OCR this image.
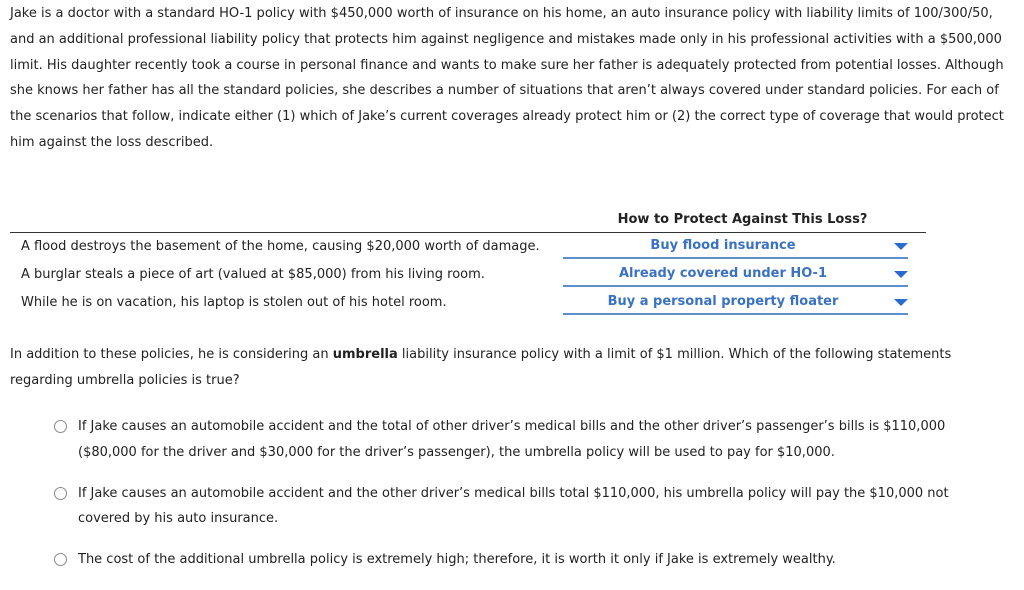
Jake is a doctor with a standard HO-1 policy with $450,000 worth of insurance on his home, an auto insurance policy with liability limits of 100/300/50, and an additional professional liability policy that protects him against negligence and mistakes made only in his professional activities with a $500,000 limit. His daughter recently took a course in personal finance and wants to make sure her father is adequately protected from potential losses. Although she knows her father has all the standard policies, she describes a number of situations that aren’t always covered under standard policies. For each of the scenarios that follow, indicate either (1) which of Jake’s current coverages already protect him or (2) the correct type of coverage that would protect him against the loss described.
How to Protect Against This Loss?
A flood destroys the basement of the home, causing $20,000 worth of damage.	Buy flood insurance
A burglar steals a piece of art (valued at $85,000) from his living room.	Already covered under HO-1
While he is on vacation, his laptop is stolen out of his hotel room.	Buy a personal property floater
In addition to these policies, he is considering an umbrella liability insurance policy with a limit of $1 million. Which of the following statements regarding umbrella policies is true?
If Jake causes an automobile accident and the total of other driver’s medical bills and the other driver’s passenger’s bills is $110,000 ($80,000 for the driver and $30,000 for the driver’s passenger), the umbrella policy will be used to pay for $10,000.
If Jake causes an automobile accident and the other driver’s medical bills total $110,000, his umbrella policy will pay the $10,000 not covered by his auto insurance.
The cost of the additional umbrella policy is extremely high; therefore, it is worth it only if Jake is extremely wealthy.
